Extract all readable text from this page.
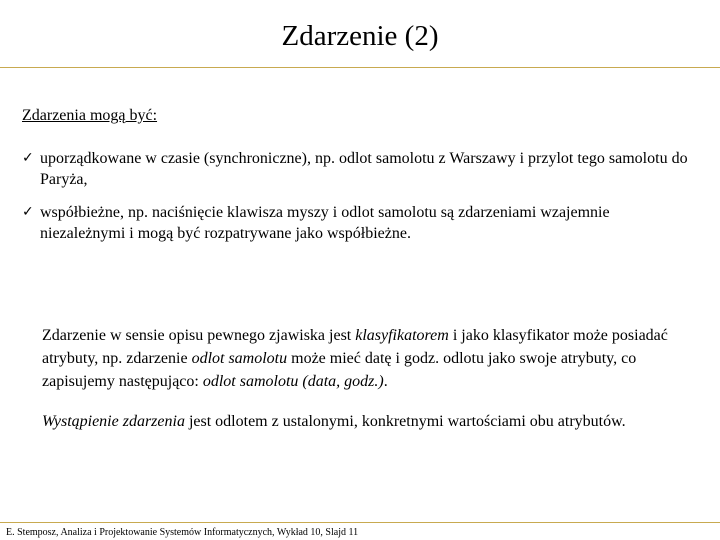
Zdarzenie (2)
Zdarzenia mogą być:
✓ uporządkowane w czasie (synchroniczne), np. odlot samolotu z Warszawy i przylot tego samolotu do Paryża,
✓ współbieżne, np. naciśnięcie klawisza myszy i odlot samolotu są zdarzeniami wzajemnie niezależnymi i mogą być rozpatrywane jako współbieżne.
Zdarzenie w sensie opisu pewnego zjawiska jest klasyfikatorem i jako klasyfikator może posiadać atrybuty, np. zdarzenie odlot samolotu może mieć datę i godz. odlotu jako swoje atrybuty, co zapisujemy następująco: odlot samolotu (data, godz.).
Wystąpienie zdarzenia jest odlotem z ustalonymi, konkretnymi wartościami obu atrybutów.
E. Stemposz, Analiza i Projektowanie Systemów Informatycznych, Wykład 10, Slajd 11
